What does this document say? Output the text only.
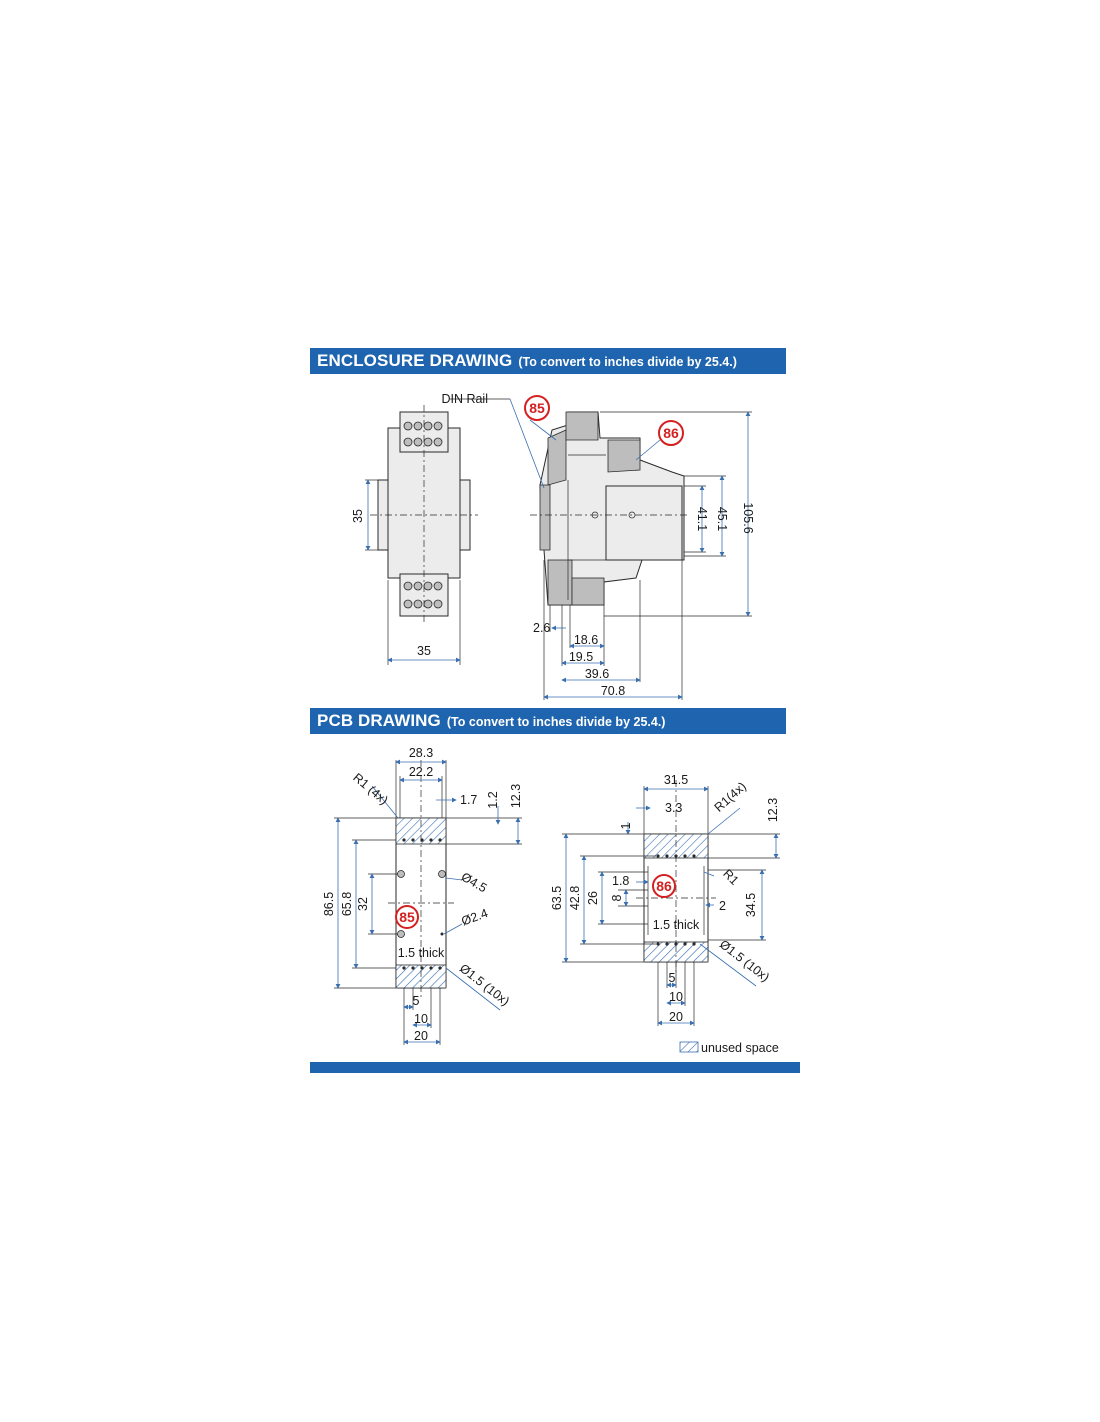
ENCLOSURE DRAWING (To convert to inches divide by 25.4.)
PCB DRAWING (To convert to inches divide by 25.4.)
35
35
DIN Rail
85
86
2.6
18.6
19.5
39.6
70.8
41.1 45.1 105.6
28.3
22.2
1.7 1.2 12.3
R1 (4x)
86.5 65.8 32
85
Ø4.5
Ø2.4
1.5 thick
Ø1.5 (10x)
5
10
20
31.5
3.3 R1(4x) 12.3
1
63.5 42.8 26
1.8
8
86	R1
2 34.5
1.5 thick
Ø1.5 (10x)
5
10
20
unused space
